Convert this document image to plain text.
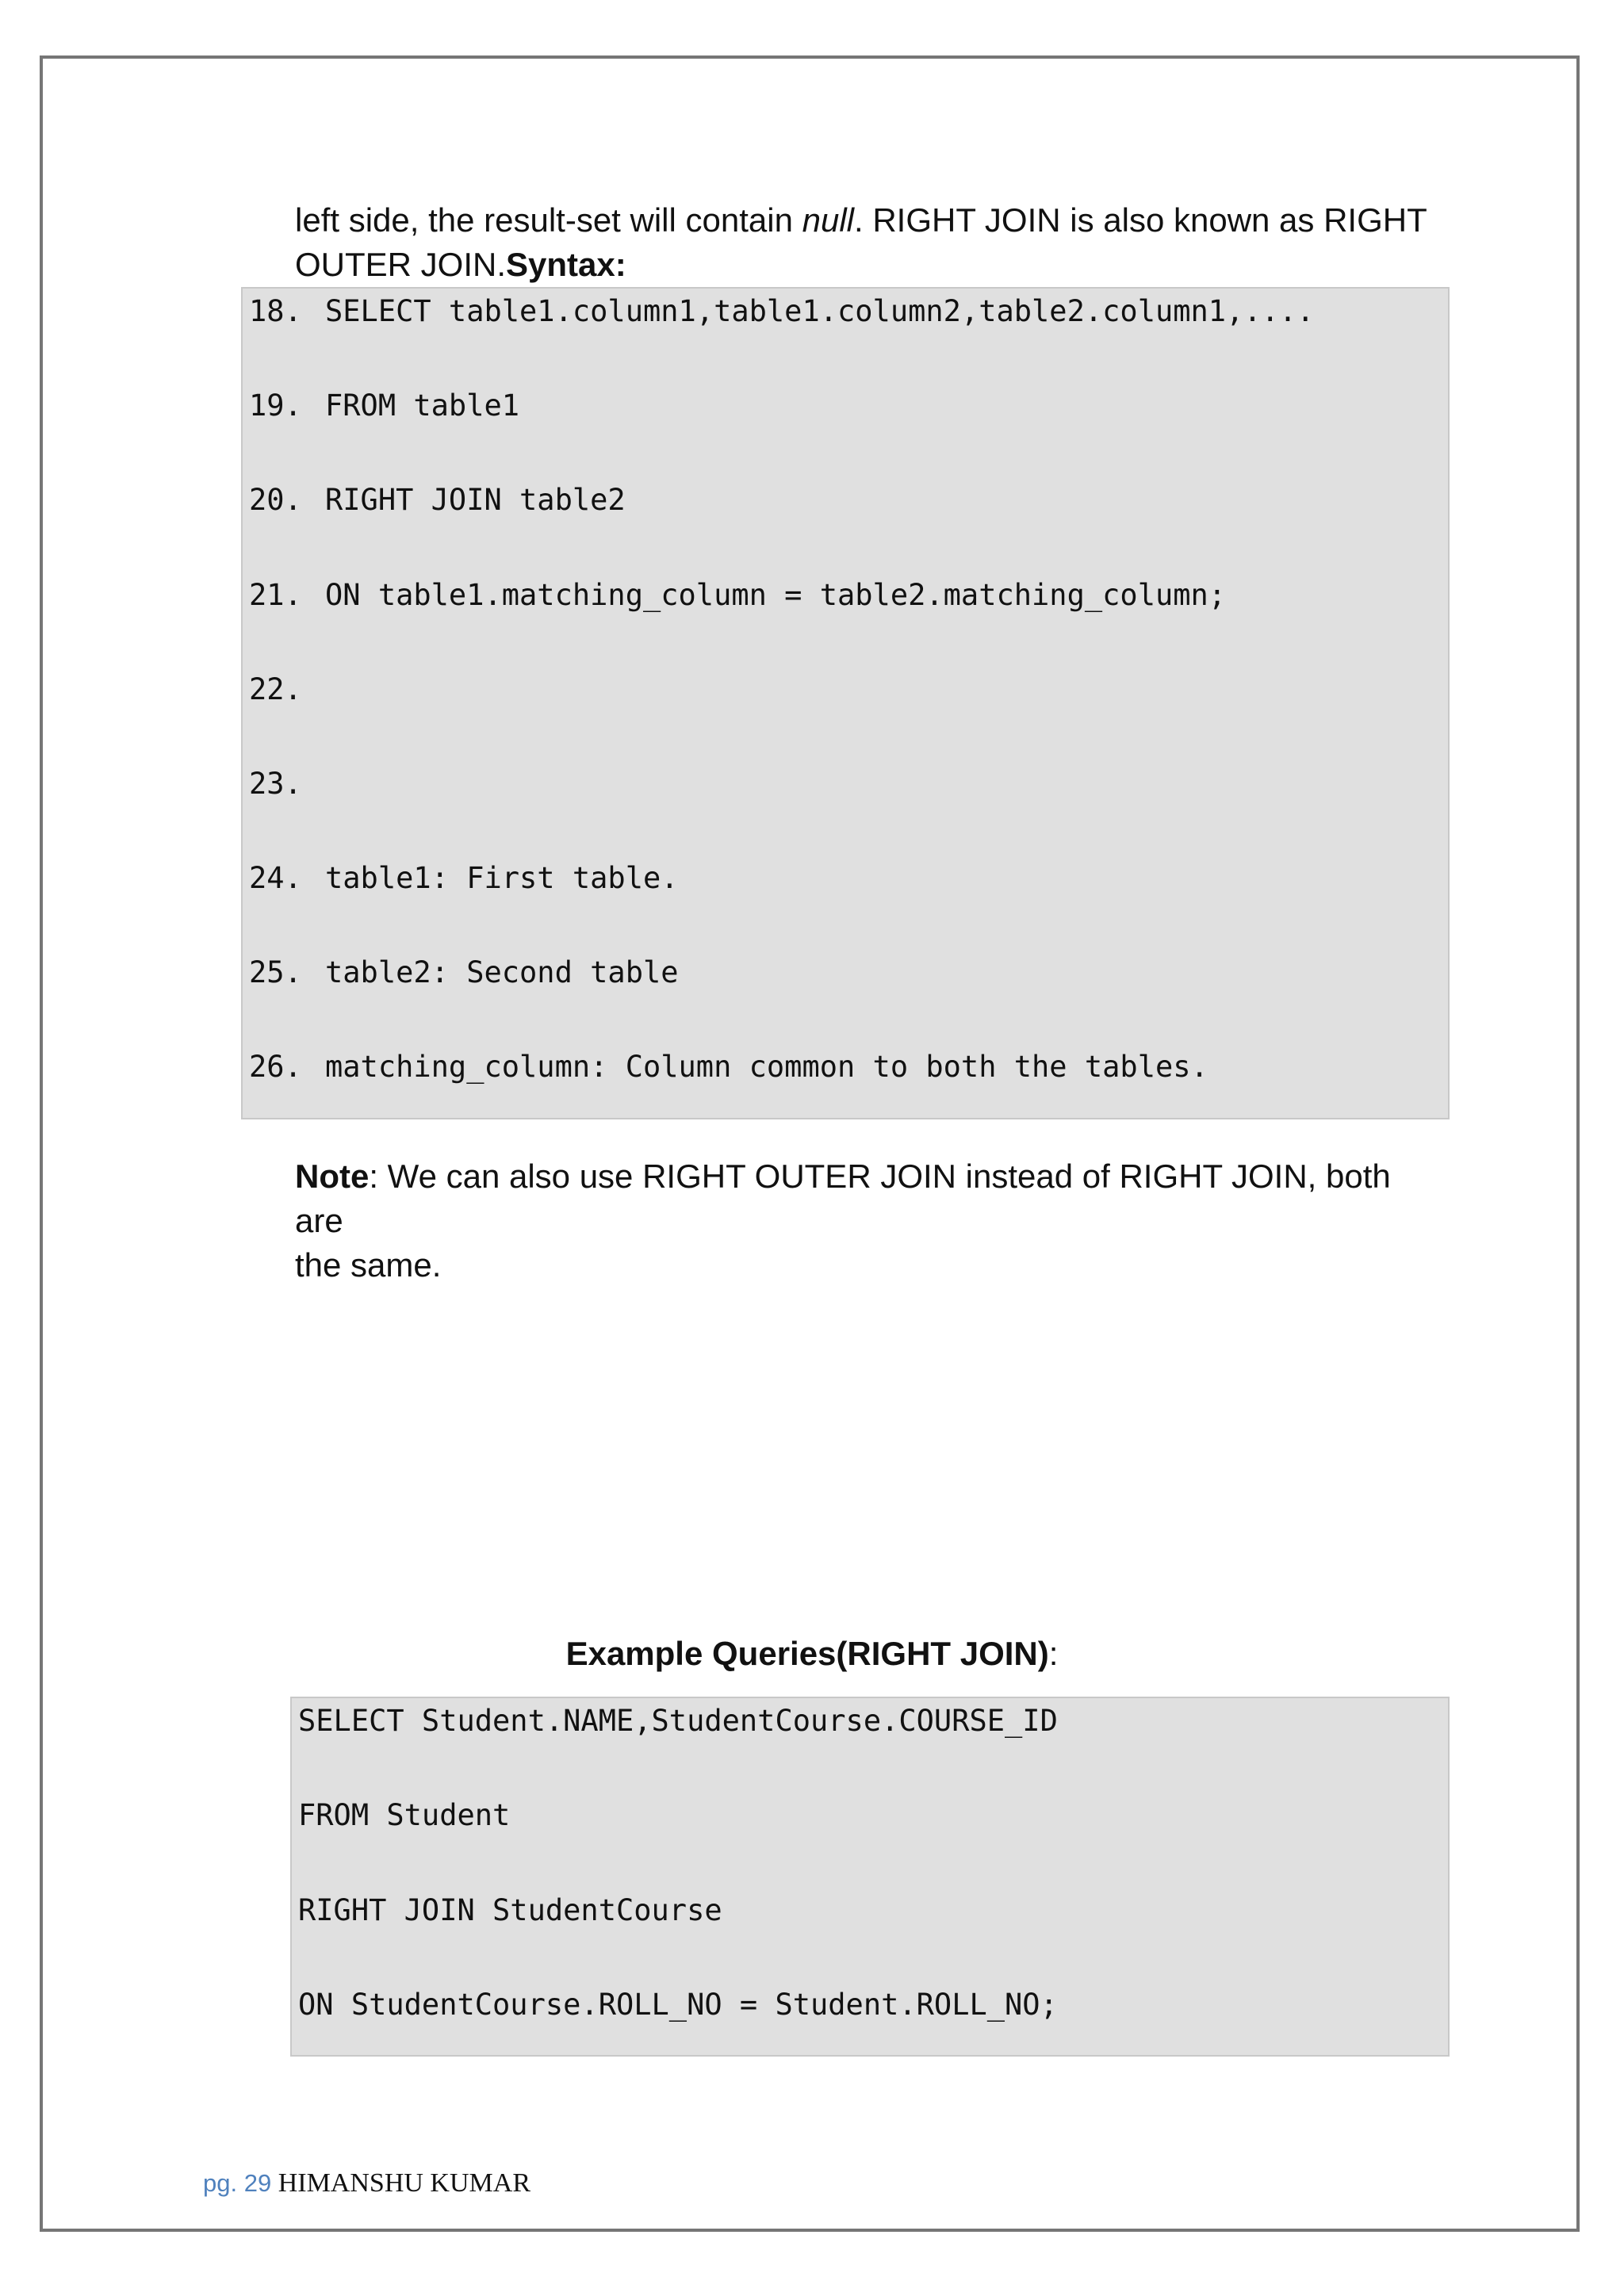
left side, the result-set will contain null. RIGHT JOIN is also known as RIGHT
OUTER JOIN.Syntax:
18. SELECT table1.column1,table1.column2,table2.column1,....
19. FROM table1
20. RIGHT JOIN table2
21. ON table1.matching_column = table2.matching_column;
22.
23.
24. table1: First table.
25. table2: Second table
26. matching_column: Column common to both the tables.
Note: We can also use RIGHT OUTER JOIN instead of RIGHT JOIN, both are
the same.
Example Queries(RIGHT JOIN):
SELECT Student.NAME,StudentCourse.COURSE_ID
FROM Student
RIGHT JOIN StudentCourse
ON StudentCourse.ROLL_NO = Student.ROLL_NO;
pg. 29 HIMANSHU KUMAR
